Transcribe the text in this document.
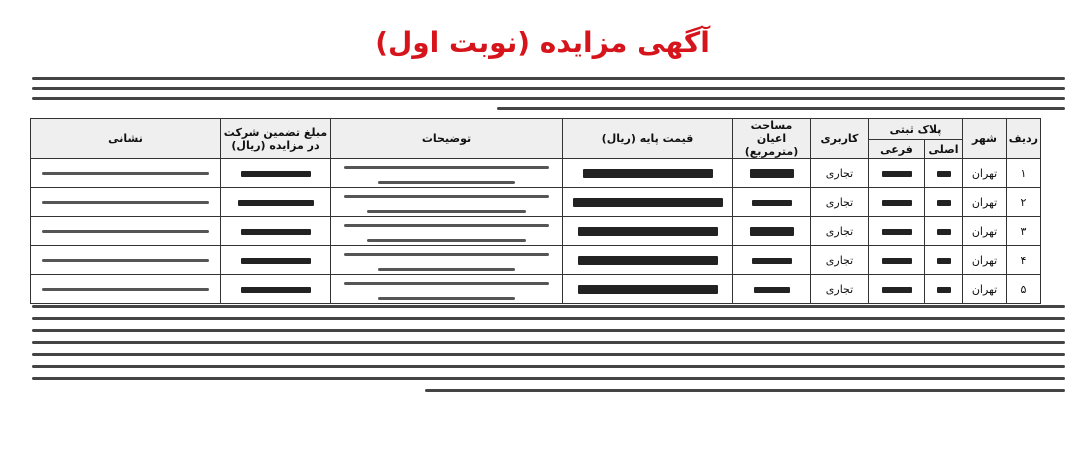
آگهی مزایده (نوبت اول)
ردیف	شهر	پلاک ثبتی		کاربری	مساحت اعیان (مترمربع)	قیمت پایه (ریال)	توضیحات	مبلغ تضمین شرکت در مزایده (ریال)	نشانی
		اصلی	فرعی						
۱	تهران			تجاری					
۲	تهران			تجاری					
۳	تهران			تجاری					
۴	تهران			تجاری					
۵	تهران			تجاری					
